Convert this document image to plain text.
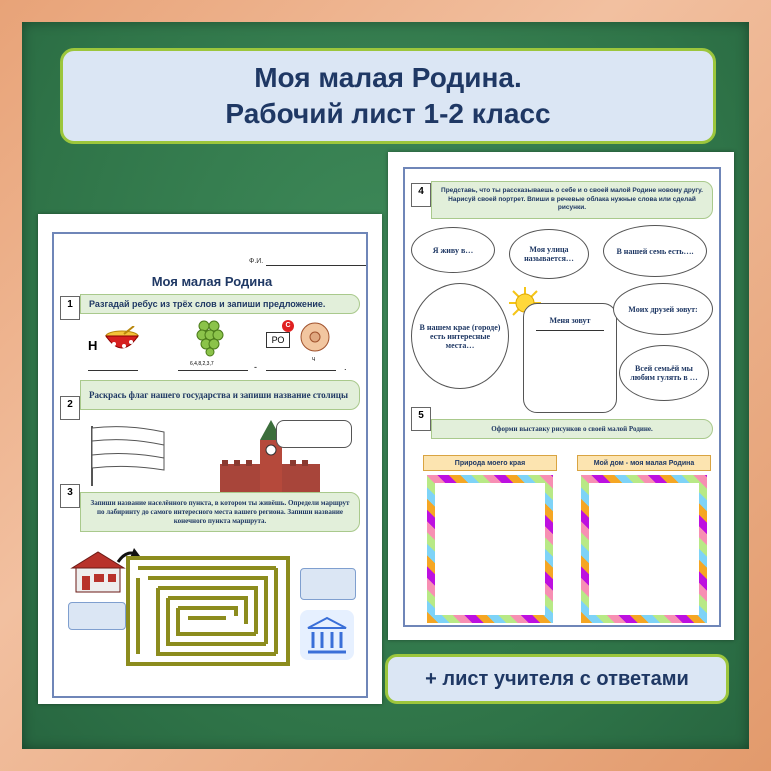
Моя малая Родина.
Рабочий лист 1-2 класс
Ф.И.
Моя малая Родина
1	Разгадай ребус из трёх слов и запиши предложение.
Н
6,4,8,2,3,7
РО
С
Ч
-	.
2
Раскрась флаг нашего государства и запиши название столицы
3
Запиши название населённого пункта, в котором ты живёшь. Определи маршрут по лабиринту до самого интересного места вашего региона. Запиши название конечного пункта маршрута.
4	Представь, что ты рассказываешь о себе и о своей малой Родине новому другу. Нарисуй своей портрет. Впиши в речевые облака нужные слова или сделай рисунки.
Я живу в…	Моя улица называется…
В нашей семь есть….
В нашем крае (городе) есть интересные места…
Меня зовут
Моих друзей зовут:
Всей семьёй мы любим гулять в …
5
Оформи выставку рисунков о своей малой Родине.
Природа моего края	Мой дом - моя малая Родина
+ лист учителя с ответами
